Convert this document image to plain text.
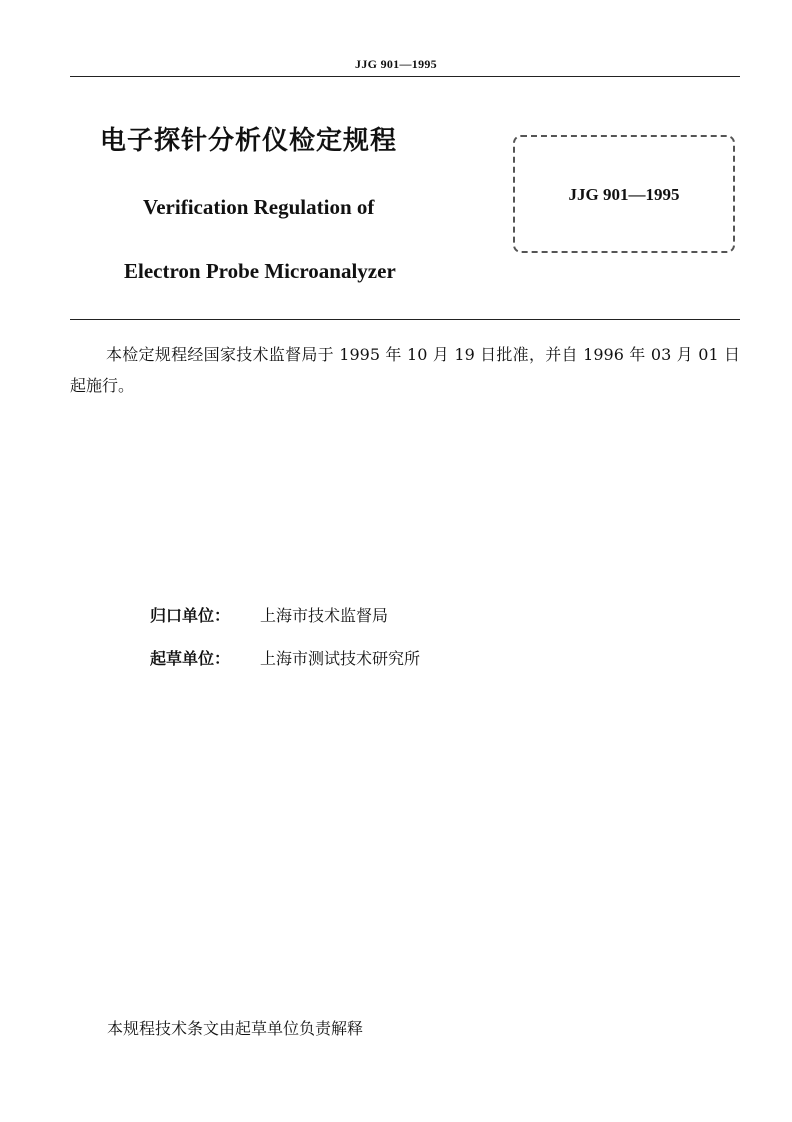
JJG 901—1995
电子探针分析仪检定规程
Verification Regulation of
Electron Probe Microanalyzer
JJG 901—1995
本检定规程经国家技术监督局于 1995 年 10 月 19 日批准，并自 1996 年 03 月 01 日起施行。
归口单位： 上海市技术监督局
起草单位： 上海市测试技术研究所
本规程技术条文由起草单位负责解释
